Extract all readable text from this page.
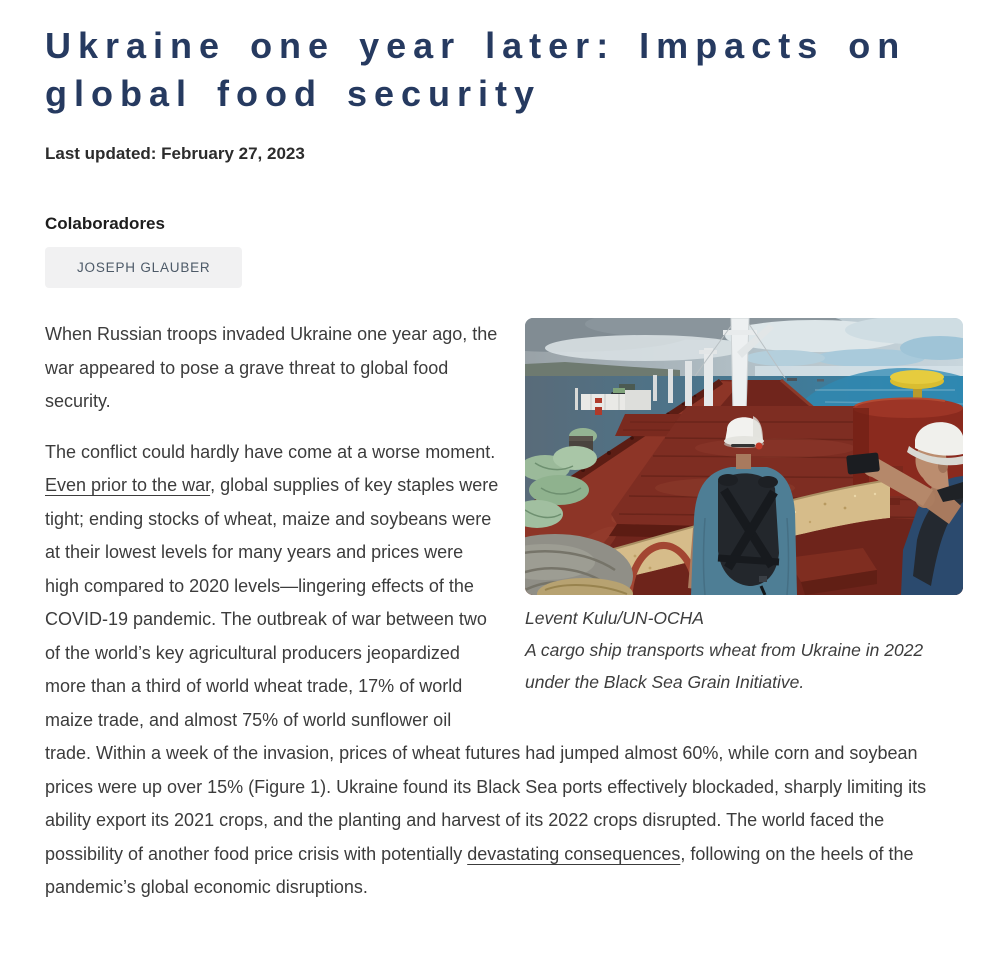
Ukraine one year later: Impacts on global food security

Last updated: February 27, 2023

Colaboradores

JOSEPH GLAUBER
Levent Kulu/UN-OCHA
A cargo ship transports wheat from Ukraine in 2022 under the Black Sea Grain Initiative.

When Russian troops invaded Ukraine one year ago, the war appeared to pose a grave threat to global food security.

The conflict could hardly have come at a worse moment. Even prior to the war, global supplies of key staples were tight; ending stocks of wheat, maize and soybeans were at their lowest levels for many years and prices were high compared to 2020 levels—lingering effects of the COVID-19 pandemic. The outbreak of war between two of the world’s key agricultural producers jeopardized more than a third of world wheat trade, 17% of world maize trade, and almost 75% of world sunflower oil trade. Within a week of the invasion, prices of wheat futures had jumped almost 60%, while corn and soybean prices were up over 15% (Figure 1). Ukraine found its Black Sea ports effectively blockaded, sharply limiting its ability export its 2021 crops, and the planting and harvest of its 2022 crops disrupted. The world faced the possibility of another food price crisis with potentially devastating consequences, following on the heels of the pandemic’s global economic disruptions.
